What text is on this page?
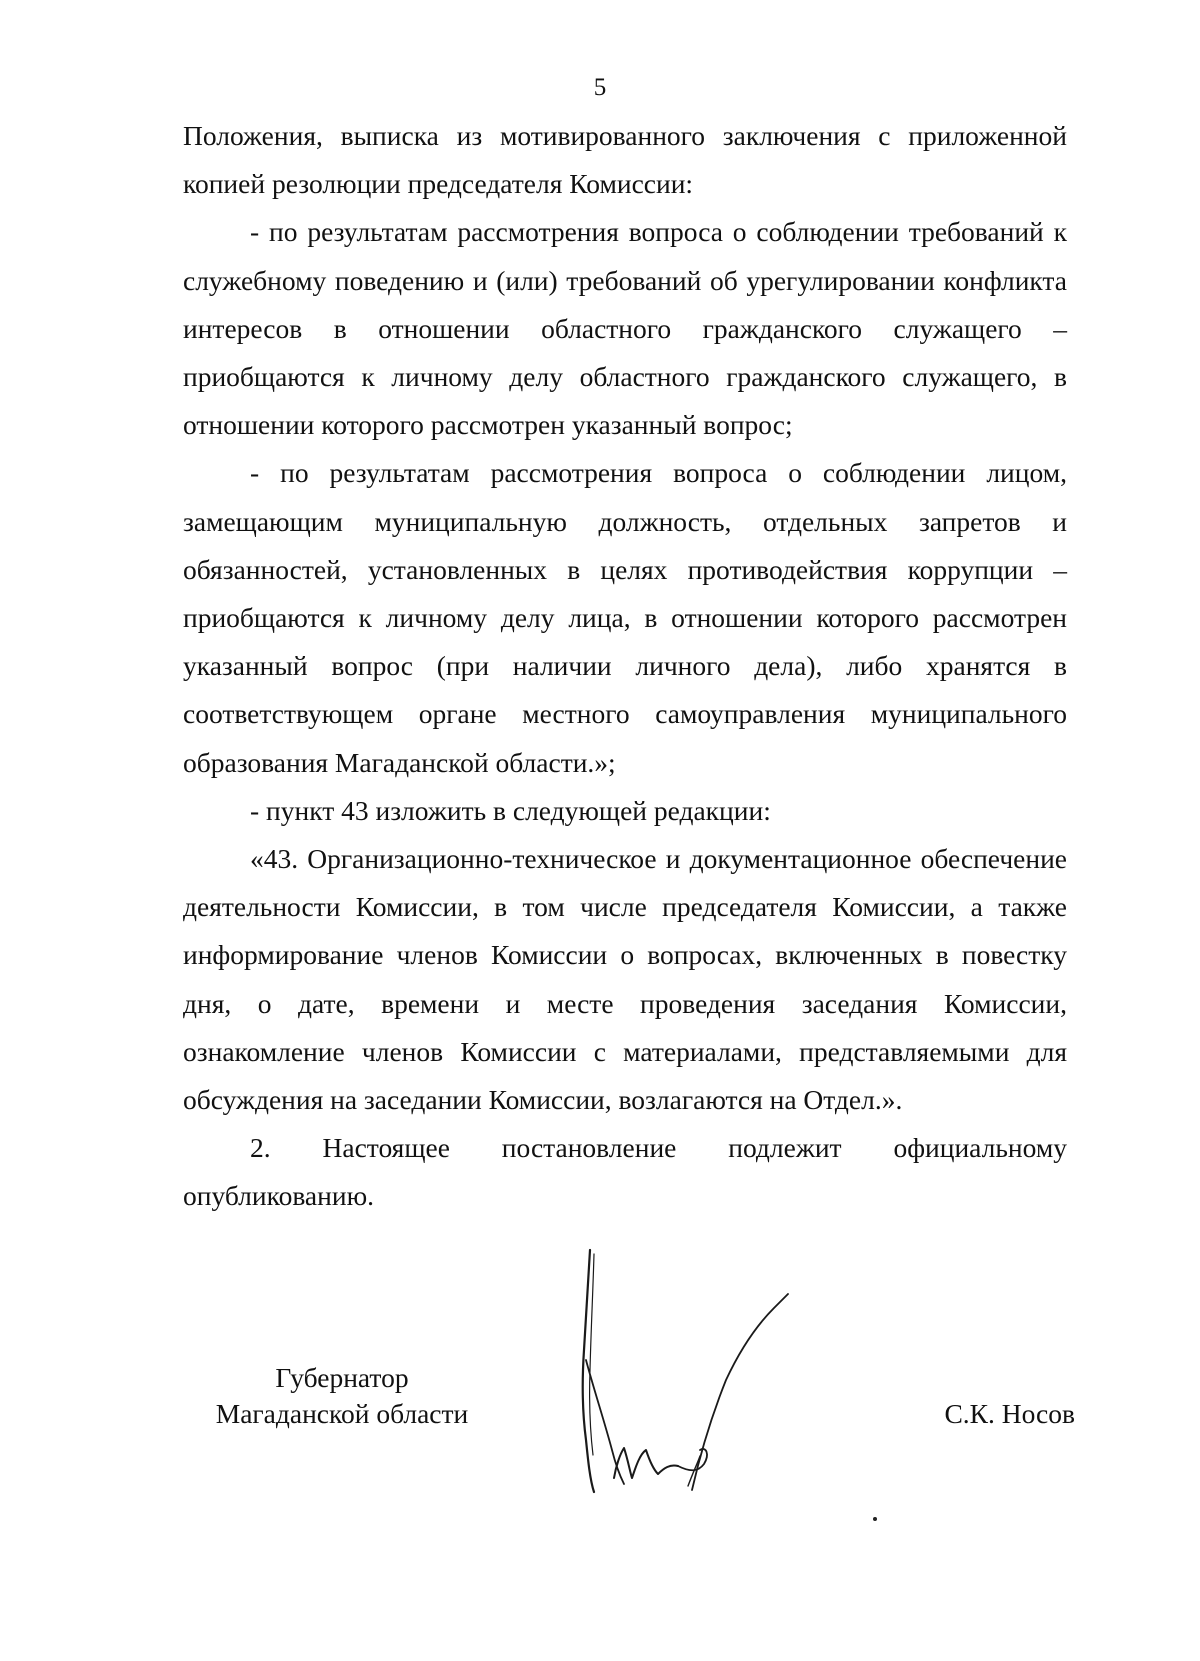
5

Положения, выписка из мотивированного заключения с приложенной копией резолюции председателя Комиссии:

- по результатам рассмотрения вопроса о соблюдении требований к служебному поведению и (или) требований об урегулировании конфликта интересов в отношении областного гражданского служащего – приобщаются к личному делу областного гражданского служащего, в отношении которого рассмотрен указанный вопрос;

- по результатам рассмотрения вопроса о соблюдении лицом, замещающим муниципальную должность, отдельных запретов и обязанностей, установленных в целях противодействия коррупции – приобщаются к личному делу лица, в отношении которого рассмотрен указанный вопрос (при наличии личного дела), либо хранятся в соответствующем органе местного самоуправления муниципального образования Магаданской области.»;

- пункт 43 изложить в следующей редакции:

«43. Организационно-техническое и документационное обеспечение деятельности Комиссии, в том числе председателя Комиссии, а также информирование членов Комиссии о вопросах, включенных в повестку дня, о дате, времени и месте проведения заседания Комиссии, ознакомление членов Комиссии с материалами, представляемыми для обсуждения на заседании Комиссии, возлагаются на Отдел.».

2. Настоящее постановление подлежит официальному опубликованию.

Губернатор
Магаданской области	С.К. Носов
